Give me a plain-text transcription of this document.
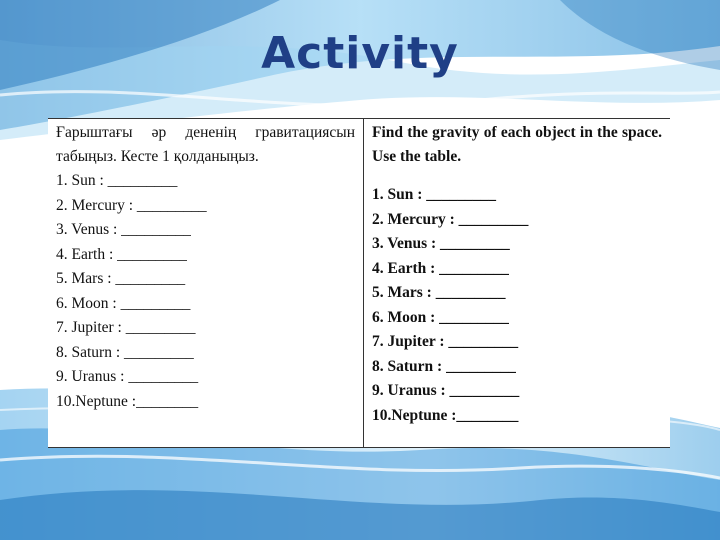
Activity

Ғарыштағы әр дененің гравитациясын табыңыз. Кесте 1 қолданыңыз.

1. Sun : _________
2. Mercury : _________
3. Venus : _________
4. Earth : _________
5. Mars : _________
6. Moon : _________
7. Jupiter : _________
8. Saturn : _________
9. Uranus : _________
10.Neptune :________

Find the gravity of each object in the space. Use the table.

1. Sun : _________
2. Mercury : _________
3. Venus : _________
4. Earth : _________
5. Mars : _________
6. Moon : _________
7. Jupiter : _________
8. Saturn : _________
9. Uranus : _________
10.Neptune :________
